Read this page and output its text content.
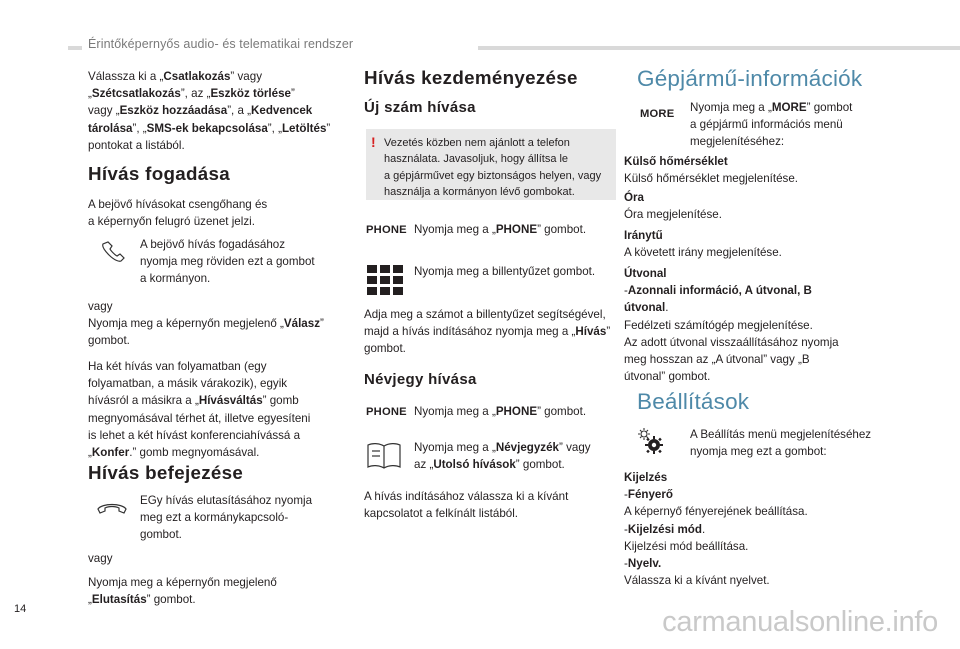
Érintőképernyős audio- és telematikai rendszer
Válassza ki a „Csatlakozás” vagy
„Szétcsatlakozás”, az „Eszköz törlése”
vagy „Eszköz hozzáadása”, a „Kedvencek
tárolása”, „SMS-ek bekapcsolása”, „Letöltés”
pontokat a listából.
Hívás fogadása
A bejövő hívásokat csengőhang és
a képernyőn felugró üzenet jelzi.
A bejövő hívás fogadásához
nyomja meg röviden ezt a gombot
a kormányon.
vagy
Nyomja meg a képernyőn megjelenő „Válasz”
gombot.
Ha két hívás van folyamatban (egy
folyamatban, a másik várakozik), egyik
hívásról a másikra a „Hívásváltás” gomb
megnyomásával térhet át, illetve egyesíteni
is lehet a két hívást konferenciahívássá a
„Konfer.” gomb megnyomásával.
Hívás befejezése
EGy hívás elutasításához nyomja
meg ezt a kormánykapcsoló-
gombot.
vagy
Nyomja meg a képernyőn megjelenő
„Elutasítás” gombot.
Hívás kezdeményezése
Új szám hívása
! Vezetés közben nem ajánlott a telefon
használata. Javasoljuk, hogy állítsa le
a gépjárművet egy biztonságos helyen, vagy
használja a kormányon lévő gombokat.
PHONE Nyomja meg a „PHONE” gombot.
Nyomja meg a billentyűzet gombot.
Adja meg a számot a billentyűzet segítségével,
majd a hívás indításához nyomja meg a „Hívás”
gombot.
Névjegy hívása
PHONE Nyomja meg a „PHONE” gombot.
Nyomja meg a „Névjegyzék” vagy
az „Utolsó hívások” gombot.
A hívás indításához válassza ki a kívánt
kapcsolatot a felkínált listából.
Gépjármű-információk
MORE Nyomja meg a „MORE” gombot
a gépjármű információs menü
megjelenítéséhez:
Külső hőmérséklet
Külső hőmérséklet megjelenítése.
Óra
Óra megjelenítése.
Iránytű
A követett irány megjelenítése.
Útvonal
-Azonnali információ, A útvonal, B
útvonal.
Fedélzeti számítógép megjelenítése.
Az adott útvonal visszaállításához nyomja
meg hosszan az „A útvonal” vagy „B
útvonal” gombot.
Beállítások
A Beállítás menü megjelenítéséhez
nyomja meg ezt a gombot:
Kijelzés
-Fényerő
A képernyő fényerejének beállítása.
-Kijelzési mód.
Kijelzési mód beállítása.
-Nyelv.
Válassza ki a kívánt nyelvet.
14	carmanualsonline.info
